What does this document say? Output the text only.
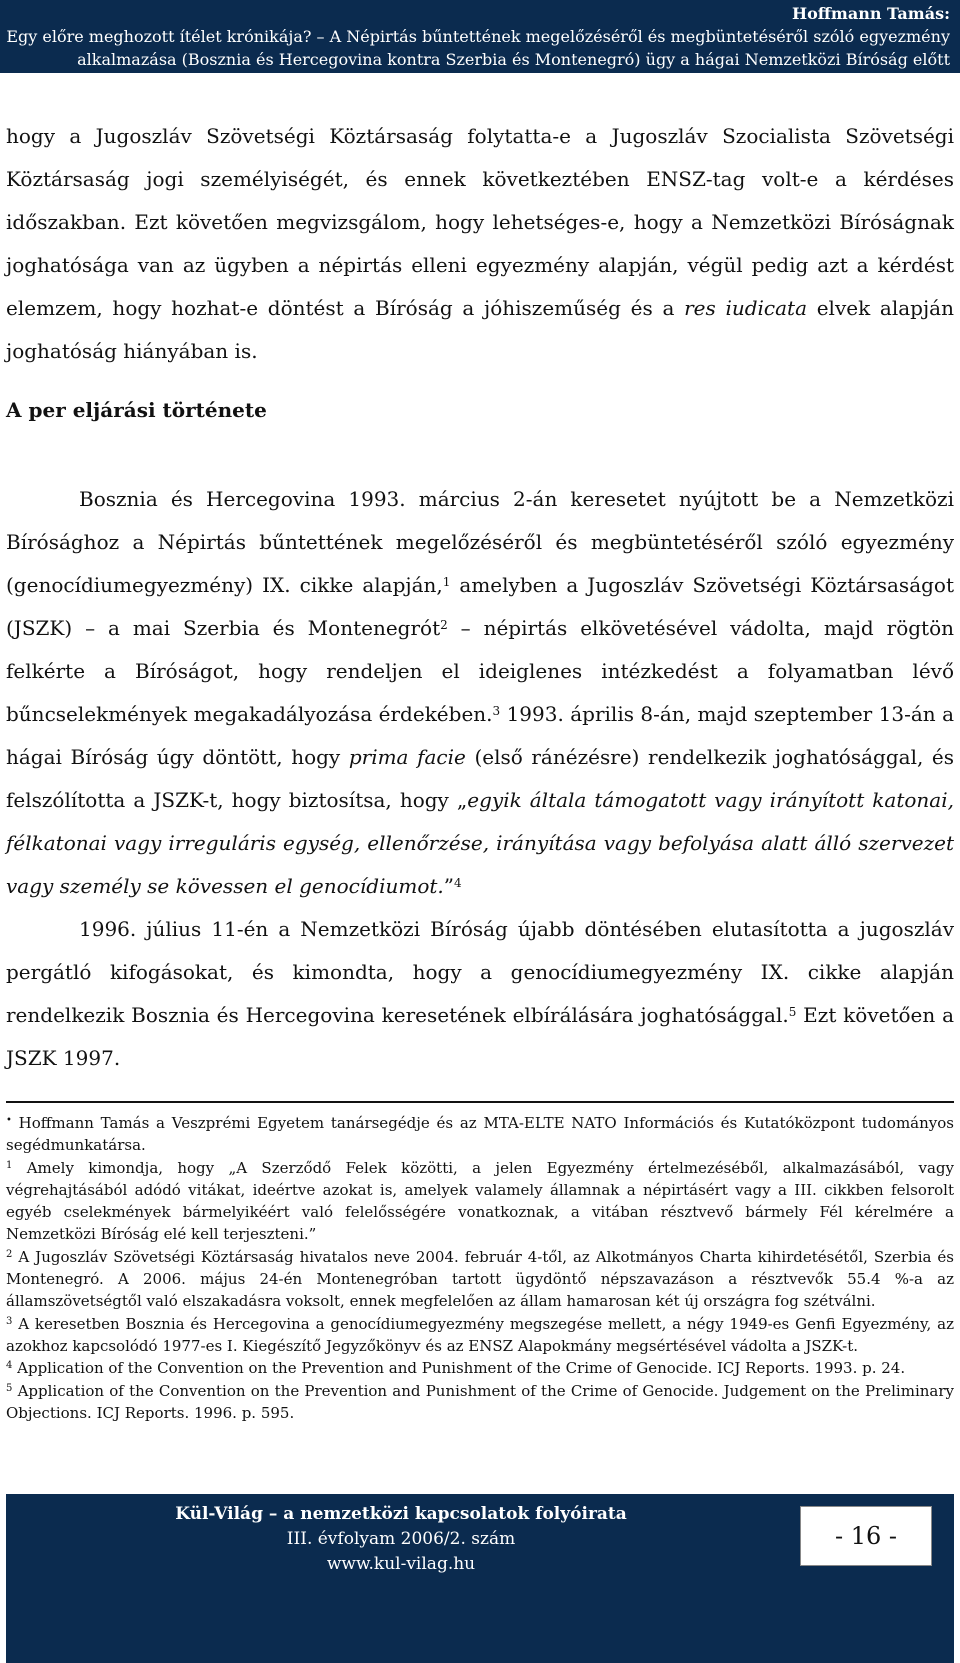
Hoffmann Tamás:
Egy előre meghozott ítélet krónikája? – A Népirtás bűntettének megelőzéséről és megbüntetéséről szóló egyezmény
alkalmazása (Bosznia és Hercegovina kontra Szerbia és Montenegró) ügy a hágai Nemzetközi Bíróság előtt

hogy a Jugoszláv Szövetségi Köztársaság folytatta-e a Jugoszláv Szocialista Szövetségi Köztársaság jogi személyiségét, és ennek következtében ENSZ-tag volt-e a kérdéses időszakban. Ezt követően megvizsgálom, hogy lehetséges-e, hogy a Nemzetközi Bíróságnak joghatósága van az ügyben a népirtás elleni egyezmény alapján, végül pedig azt a kérdést elemzem, hogy hozhat-e döntést a Bíróság a jóhiszeműség és a res iudicata elvek alapján joghatóság hiányában is.

A per eljárási története

Bosznia és Hercegovina 1993. március 2-án keresetet nyújtott be a Nemzetközi Bírósághoz a Népirtás bűntettének megelőzéséről és megbüntetéséről szóló egyezmény (genocídiumegyezmény) IX. cikke alapján,$^1$ amelyben a Jugoszláv Szövetségi Köztársaságot (JSZK) – a mai Szerbia és Montenegrót$^2$ – népirtás elkövetésével vádolta, majd rögtön felkérte a Bíróságot, hogy rendeljen el ideiglenes intézkedést a folyamatban lévő bűncselekmények megakadályozása érdekében.$^3$ 1993. április 8-án, majd szeptember 13-án a hágai Bíróság úgy döntött, hogy prima facie (első ránézésre) rendelkezik joghatósággal, és felszólította a JSZK-t, hogy biztosítsa, hogy „egyik általa támogatott vagy irányított katonai, félkatonai vagy irreguláris egység, ellenőrzése, irányítása vagy befolyása alatt álló szervezet vagy személy se kövessen el genocídiumot.”$^4$

1996. július 11-én a Nemzetközi Bíróság újabb döntésében elutasította a jugoszláv pergátló kifogásokat, és kimondta, hogy a genocídiumegyezmény IX. cikke alapján rendelkezik Bosznia és Hercegovina keresetének elbírálására joghatósággal.$^5$ Ezt követően a JSZK 1997.

• Hoffmann Tamás a Veszprémi Egyetem tanársegédje és az MTA-ELTE NATO Információs és Kutatóközpont tudományos segédmunkatársa.

$^1$ Amely kimondja, hogy „A Szerződő Felek közötti, a jelen Egyezmény értelmezéséből, alkalmazásából, vagy végrehajtásából adódó vitákat, ideértve azokat is, amelyek valamely államnak a népirtásért vagy a III. cikkben felsorolt egyéb cselekmények bármelyikéért való felelősségére vonatkoznak, a vitában résztvevő bármely Fél kérelmére a Nemzetközi Bíróság elé kell terjeszteni.”

$^2$ A Jugoszláv Szövetségi Köztársaság hivatalos neve 2004. február 4-től, az Alkotmányos Charta kihirdetésétől, Szerbia és Montenegró. A 2006. május 24-én Montenegróban tartott ügydöntő népszavazáson a résztvevők 55.4 %-a az államszövetségtől való elszakadásra voksolt, ennek megfelelően az állam hamarosan két új országra fog szétválni.

$^3$ A keresetben Bosznia és Hercegovina a genocídiumegyezmény megszegése mellett, a négy 1949-es Genfi Egyezmény, az azokhoz kapcsolódó 1977-es I. Kiegészítő Jegyzőkönyv és az ENSZ Alapokmány megsértésével vádolta a JSZK-t.

$^4$ Application of the Convention on the Prevention and Punishment of the Crime of Genocide. ICJ Reports. 1993. p. 24.

$^5$ Application of the Convention on the Prevention and Punishment of the Crime of Genocide. Judgement on the Preliminary Objections. ICJ Reports. 1996. p. 595.

Kül-Világ – a nemzetközi kapcsolatok folyóirata
III. évfolyam 2006/2. szám
www.kul-vilag.hu
- 16 -
